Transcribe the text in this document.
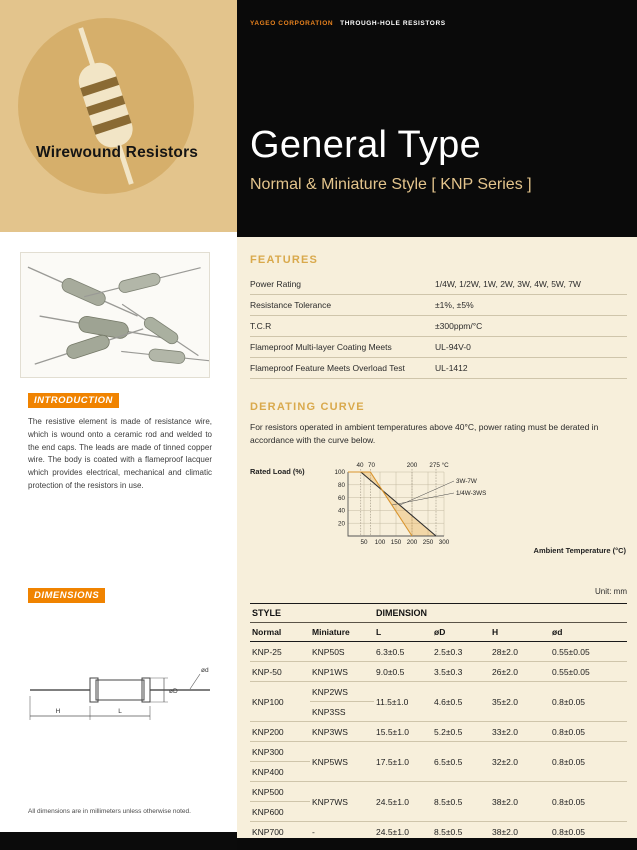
Wirewound Resistors
INTRODUCTION

The resistive element is made of resistance wire, which is wound onto a ceramic rod and welded to the end caps. The leads are made of tinned copper wire. The body is coated with a flameproof lacquer which provides electrical, mechanical and climatic protection of the resistors in use.

DIMENSIONS
H	L
øD
ød

All dimensions are in millimeters unless otherwise noted.

YAGEO CORPORATION THROUGH-HOLE RESISTORS
General Type
Normal & Miniature Style [ KNP Series ]
FEATURES
Power Rating	1/4W, 1/2W, 1W, 2W, 3W, 4W, 5W, 7W
Resistance Tolerance	±1%, ±5%
T.C.R	±300ppm/°C
Flameproof Multi-layer Coating Meets	UL-94V-0
Flameproof Feature Meets Overload Test	UL-1412
DERATING CURVE

For resistors operated in ambient temperatures above 40°C, power rating must be derated in accordance with the curve below.

Rated Load (%)	100
80
60
40
20
50 100 150 200 250 300
40 70	200 275 °C
3W-7W
1/4W-3WS
Ambient Temperature (°C)
Unit: mm
STYLE		DIMENSION			
Normal	Miniature	L	øD	H	ød
KNP-25	KNP50S	6.3±0.5	2.5±0.3	28±2.0	0.55±0.05
KNP-50	KNP1WS	9.0±0.5	3.5±0.3	26±2.0	0.55±0.05
KNP100	KNP2WS	11.5±1.0	4.6±0.5	35±2.0	0.8±0.05
	KNP3SS				
KNP200	KNP3WS	15.5±1.0	5.2±0.5	33±2.0	0.8±0.05
KNP300	KNP5WS	17.5±1.0	6.5±0.5	32±2.0	0.8±0.05
KNP400					
KNP500	KNP7WS	24.5±1.0	8.5±0.5	38±2.0	0.8±0.05
KNP600					
KNP700	-	24.5±1.0	8.5±0.5	38±2.0	0.8±0.05
